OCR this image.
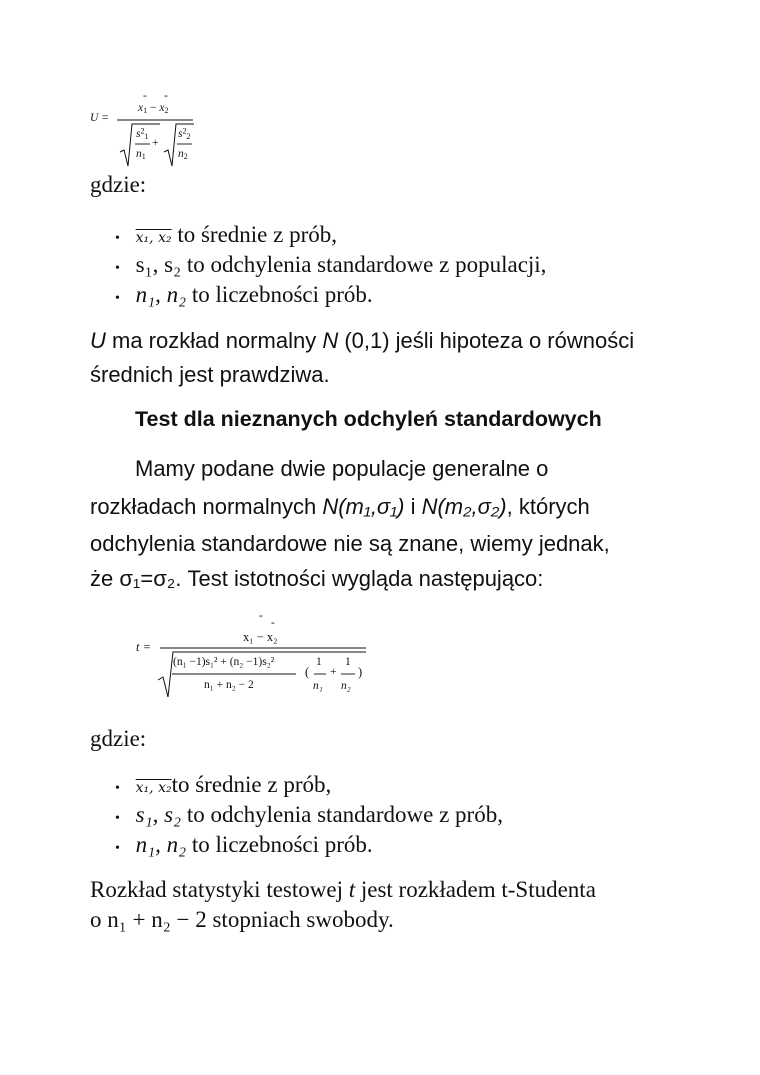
U =
- -
$x_1 - x_2$
$s^2_1$
$n_1$
+
$s^2_2$
$n_2$
gdzie:
• x₁, x₂ to średnie z prób,
• s₁, s₂ to odchylenia standardowe z populacji,
• n₁, n₂ to liczebności prób.
U ma rozkład normalny N (0,1) jeśli hipoteza o równości
średnich jest prawdziwa.
Test dla nieznanych odchyleń standardowych
Mamy podane dwie populacje generalne o
rozkładach normalnych N(m₁,σ₁) i N(m₂,σ₂), których
odchylenia standardowe nie są znane, wiemy jednak,
że σ₁=σ₂. Test istotności wygląda następująco:
t =
-
-
x₁ − x₂
(n₁ −1)s₁² + (n₂ −1)s₂²
n₁ + n₂ − 2
(
1
+
1
)
n₁ n₂
gdzie:
• x₁, x₂to średnie z prób,
• s₁, s₂ to odchylenia standardowe z prób,
• n₁, n₂ to liczebności prób.
Rozkład statystyki testowej t jest rozkładem t-Studenta
o n₁ + n₂ − 2 stopniach swobody.
